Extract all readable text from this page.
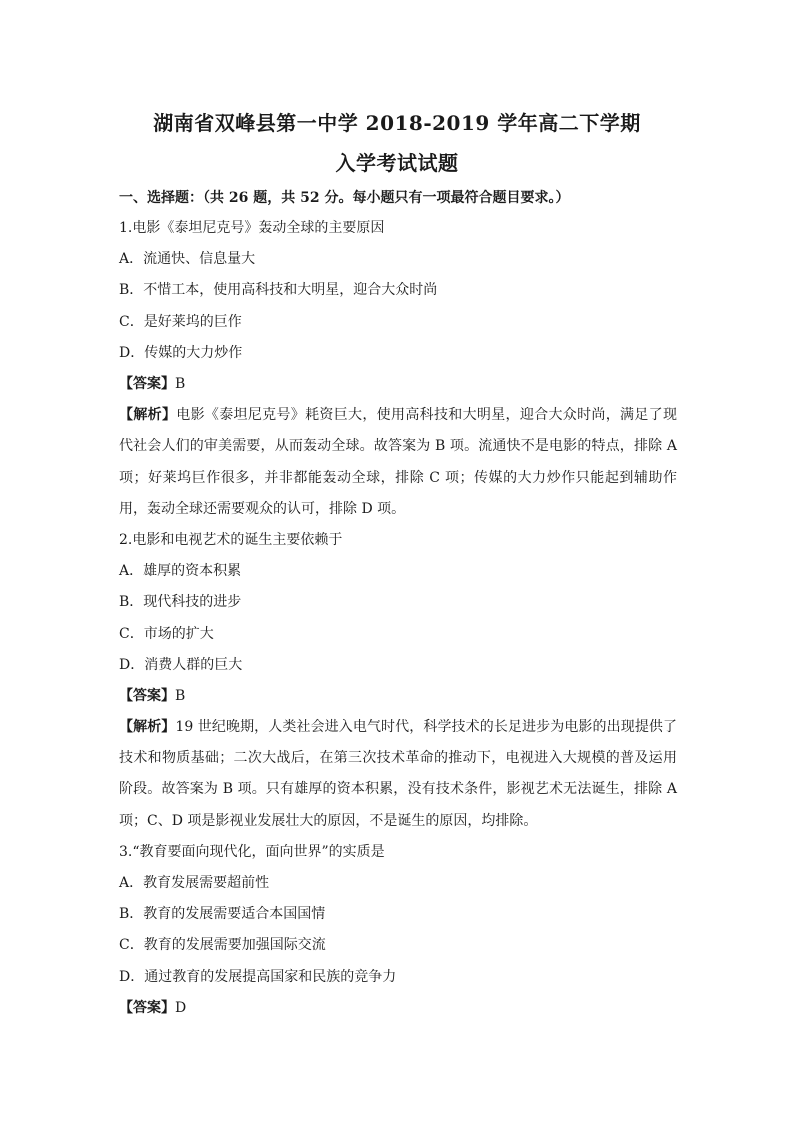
湖南省双峰县第一中学 2018-2019 学年高二下学期
入学考试试题
一、选择题：（共 26 题，共 52 分。每小题只有一项最符合题目要求。）
1.电影《泰坦尼克号》轰动全球的主要原因
A．流通快、信息量大
B．不惜工本，使用高科技和大明星，迎合大众时尚
C．是好莱坞的巨作
D．传媒的大力炒作
【答案】B
【解析】电影《泰坦尼克号》耗资巨大，使用高科技和大明星，迎合大众时尚，满足了现代社会人们的审美需要，从而轰动全球。故答案为 B 项。流通快不是电影的特点，排除 A 项；好莱坞巨作很多，并非都能轰动全球，排除 C 项；传媒的大力炒作只能起到辅助作用，轰动全球还需要观众的认可，排除 D 项。
2.电影和电视艺术的诞生主要依赖于
A．雄厚的资本积累
B．现代科技的进步
C．市场的扩大
D．消费人群的巨大
【答案】B
【解析】19 世纪晚期，人类社会进入电气时代，科学技术的长足进步为电影的出现提供了技术和物质基础；二次大战后，在第三次技术革命的推动下，电视进入大规模的普及运用阶段。故答案为 B 项。只有雄厚的资本积累，没有技术条件，影视艺术无法诞生，排除 A 项；C、D 项是影视业发展壮大的原因，不是诞生的原因，均排除。
3.“教育要面向现代化，面向世界”的实质是
A．教育发展需要超前性
B．教育的发展需要适合本国国情
C．教育的发展需要加强国际交流
D．通过教育的发展提高国家和民族的竞争力
【答案】D
